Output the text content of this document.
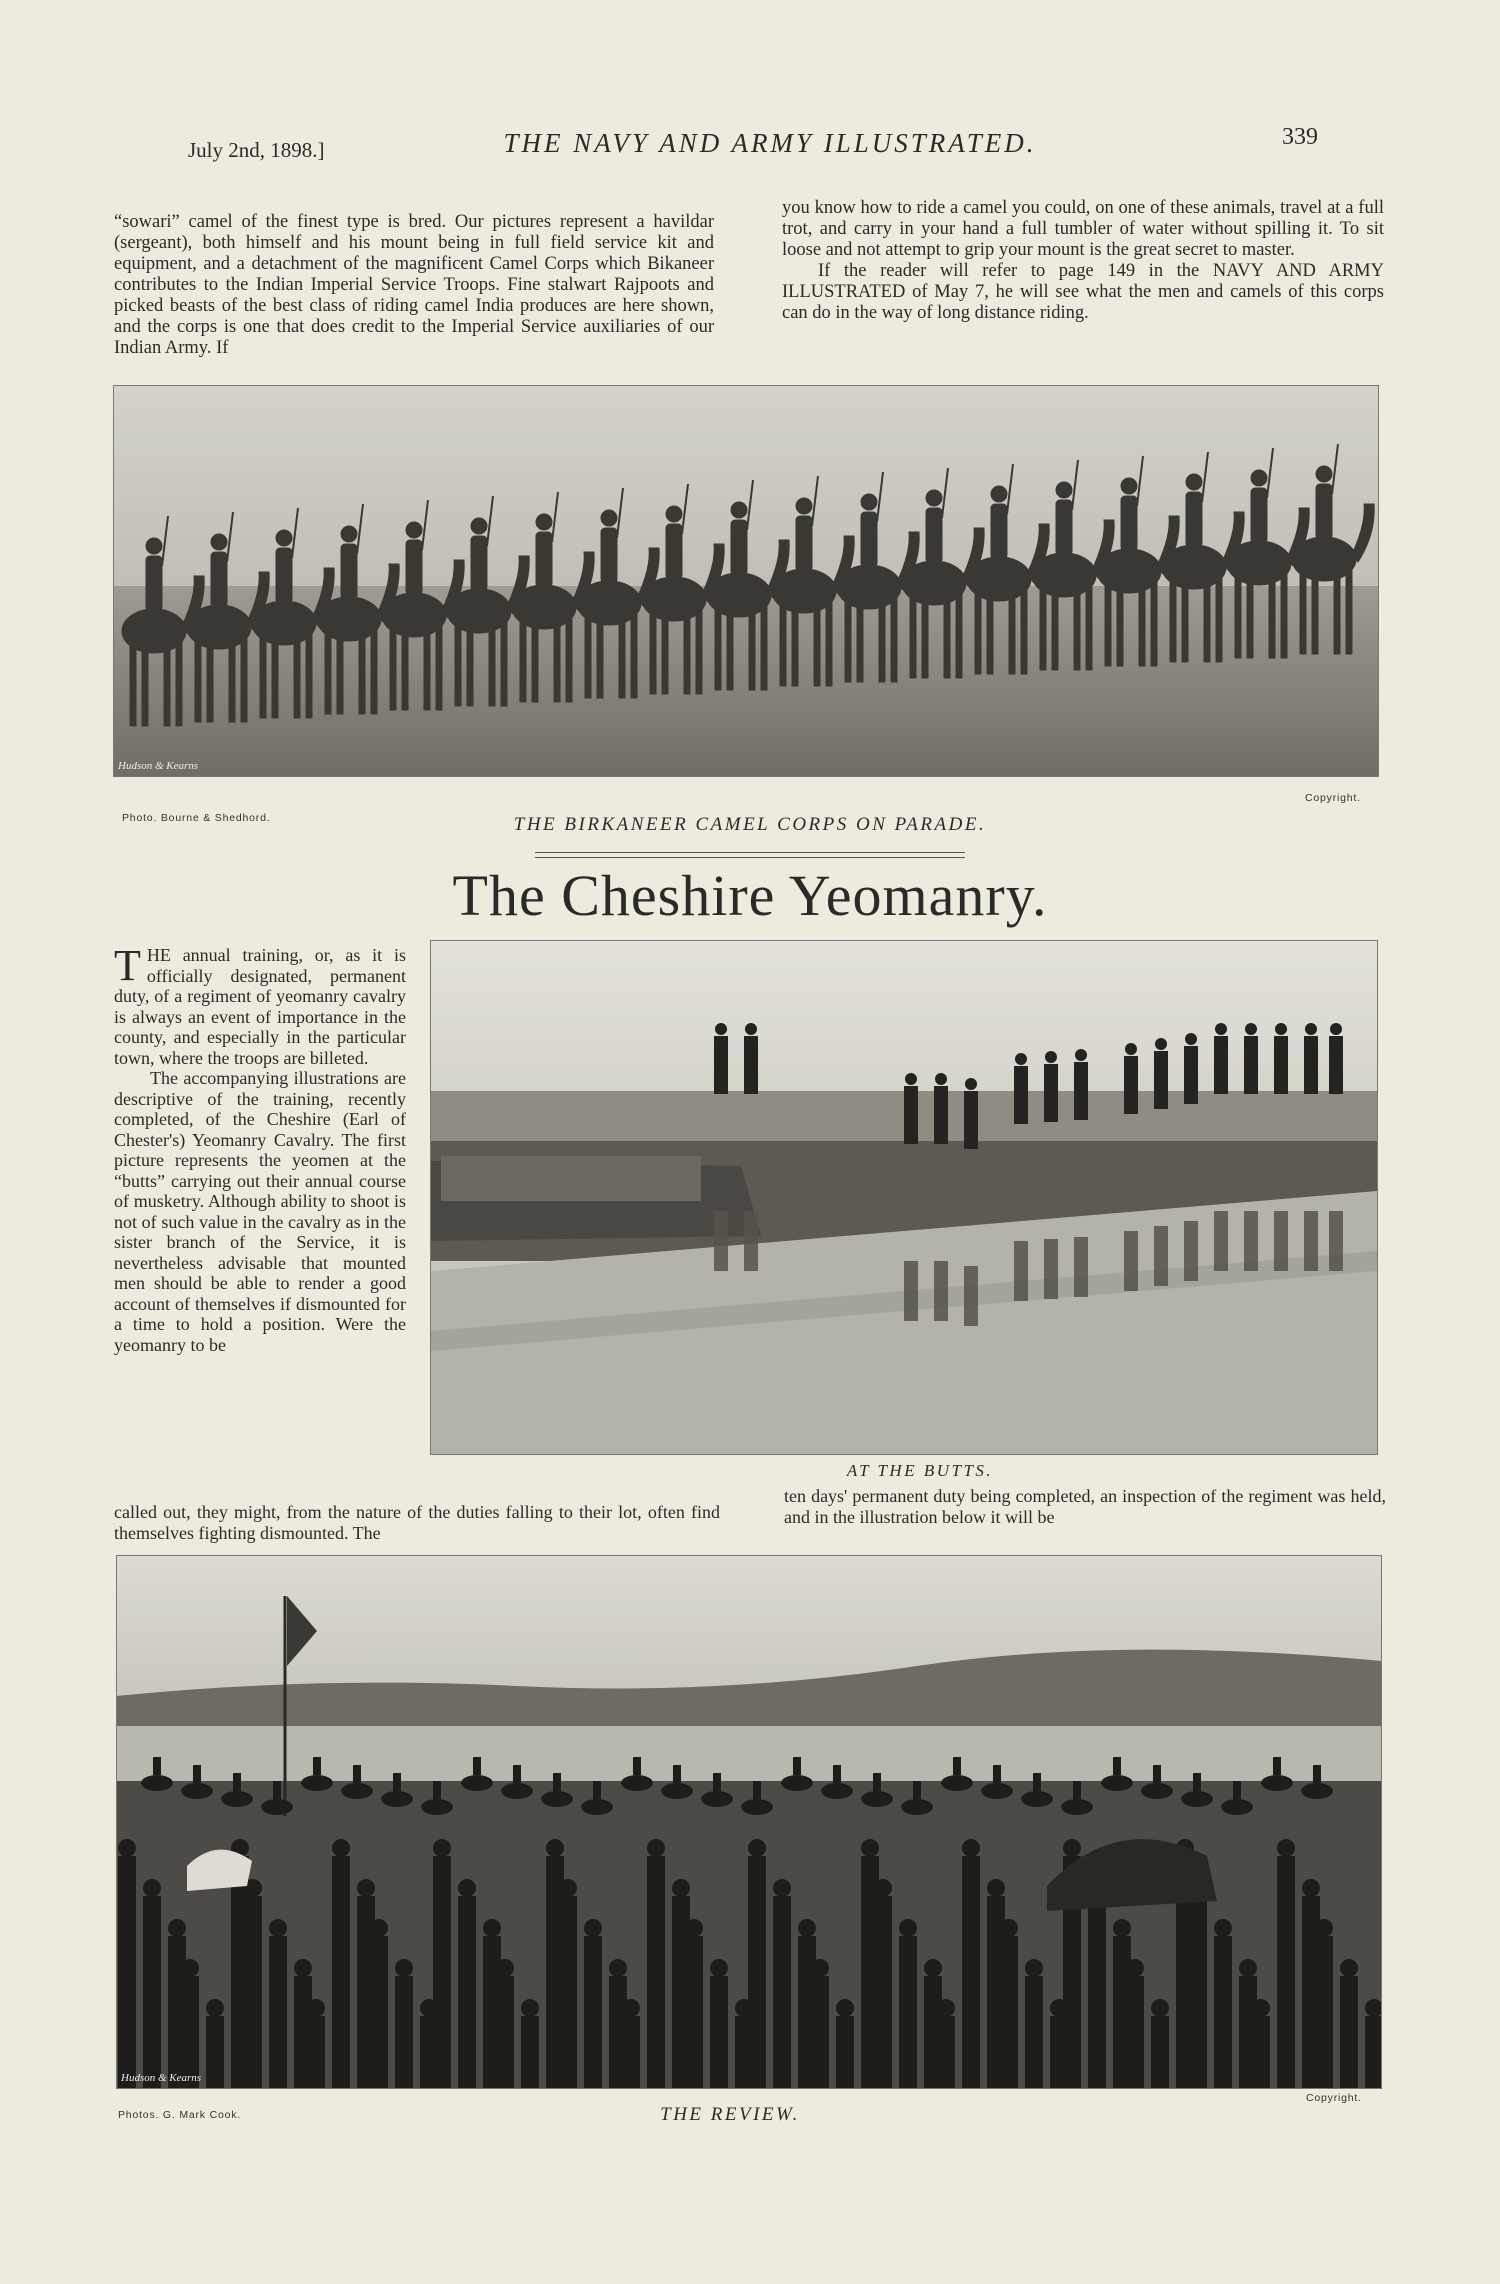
July 2nd, 1898.]	THE NAVY AND ARMY ILLUSTRATED.	339

“sowari” camel of the finest type is bred. Our pictures represent a havildar (sergeant), both himself and his mount being in full field service kit and equipment, and a detachment of the magnificent Camel Corps which Bikaneer contributes to the Indian Imperial Service Troops. Fine stalwart Rajpoots and picked beasts of the best class of riding camel India produces are here shown, and the corps is one that does credit to the Imperial Service auxiliaries of our Indian Army. If

you know how to ride a camel you could, on one of these animals, travel at a full trot, and carry in your hand a full tumbler of water without spilling it. To sit loose and not attempt to grip your mount is the great secret to master.

If the reader will refer to page 149 in the NAVY AND ARMY ILLUSTRATED of May 7, he will see what the men and camels of this corps can do in the way of long distance riding.

Hudson & Kearns
Photo. Bourne & Shedhord.
Copyright.
THE BIRKANEER CAMEL CORPS ON PARADE.
The Cheshire Yeomanry.

T HE annual training, or, as it is officially designated, permanent duty, of a regiment of yeomanry cavalry is always an event of importance in the county, and especially in the particular town, where the troops are billeted.

The accompanying illustrations are descriptive of the training, recently completed, of the Cheshire (Earl of Chester's) Yeomanry Cavalry. The first picture represents the yeomen at the “butts” carrying out their annual course of musketry. Although ability to shoot is not of such value in the cavalry as in the sister branch of the Service, it is nevertheless advisable that mounted men should be able to render a good account of themselves if dismounted for a time to hold a position. Were the yeomanry to be

AT THE BUTTS.

called out, they might, from the nature of the duties falling to their lot, often find themselves fighting dismounted. The

ten days' permanent duty being completed, an inspection of the regiment was held, and in the illustration below it will be

Hudson & Kearns
Photos. G. Mark Cook.
Copyright.
THE REVIEW.
